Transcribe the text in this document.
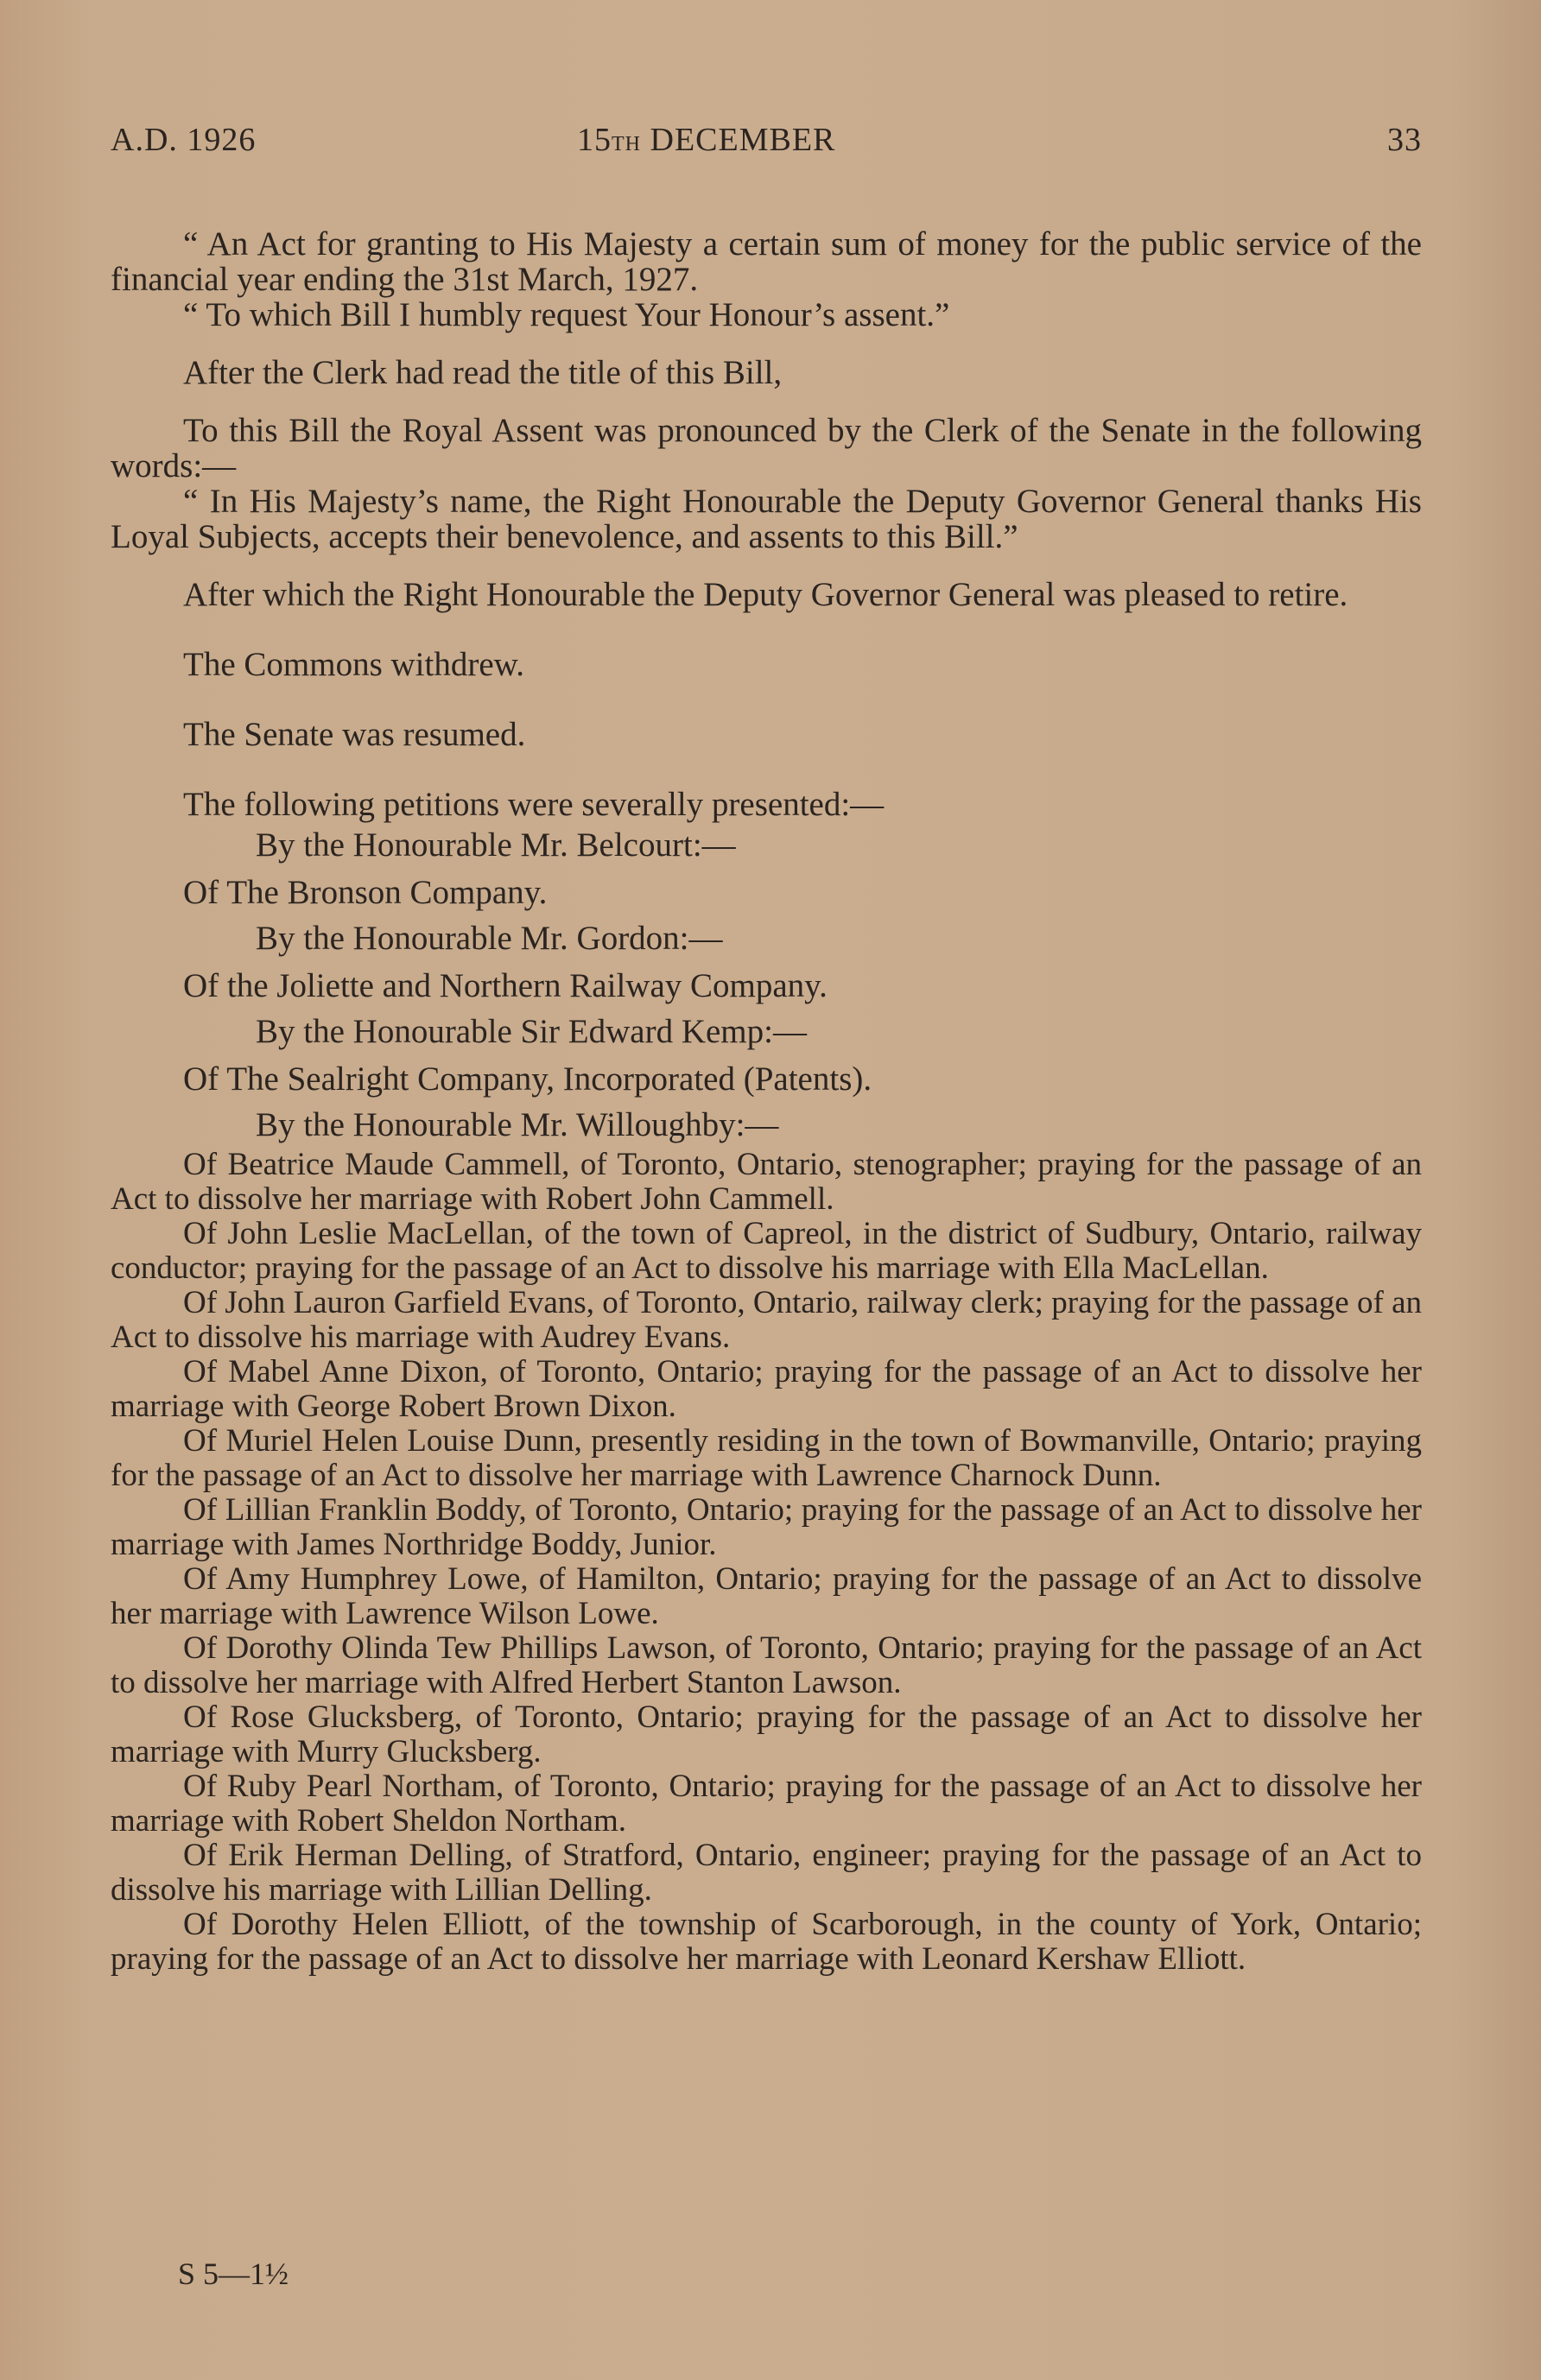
A.D. 1926	15th DECEMBER	33

“ An Act for granting to His Majesty a certain sum of money for the public service of the financial year ending the 31st March, 1927.

“ To which Bill I humbly request Your Honour’s assent.”

After the Clerk had read the title of this Bill,

To this Bill the Royal Assent was pronounced by the Clerk of the Senate in the following words:—

“ In His Majesty’s name, the Right Honourable the Deputy Governor General thanks His Loyal Subjects, accepts their benevolence, and assents to this Bill.”

After which the Right Honourable the Deputy Governor General was pleased to retire.

The Commons withdrew.

The Senate was resumed.

The following petitions were severally presented:—

By the Honourable Mr. Belcourt:—

Of The Bronson Company.

By the Honourable Mr. Gordon:—

Of the Joliette and Northern Railway Company.

By the Honourable Sir Edward Kemp:—

Of The Sealright Company, Incorporated (Patents).

By the Honourable Mr. Willoughby:—

Of Beatrice Maude Cammell, of Toronto, Ontario, stenographer; praying for the passage of an Act to dissolve her marriage with Robert John Cammell.

Of John Leslie MacLellan, of the town of Capreol, in the district of Sudbury, Ontario, railway conductor; praying for the passage of an Act to dissolve his marriage with Ella MacLellan.

Of John Lauron Garfield Evans, of Toronto, Ontario, railway clerk; praying for the passage of an Act to dissolve his marriage with Audrey Evans.

Of Mabel Anne Dixon, of Toronto, Ontario; praying for the passage of an Act to dissolve her marriage with George Robert Brown Dixon.

Of Muriel Helen Louise Dunn, presently residing in the town of Bowmanville, Ontario; praying for the passage of an Act to dissolve her marriage with Lawrence Charnock Dunn.

Of Lillian Franklin Boddy, of Toronto, Ontario; praying for the passage of an Act to dissolve her marriage with James Northridge Boddy, Junior.

Of Amy Humphrey Lowe, of Hamilton, Ontario; praying for the passage of an Act to dissolve her marriage with Lawrence Wilson Lowe.

Of Dorothy Olinda Tew Phillips Lawson, of Toronto, Ontario; praying for the passage of an Act to dissolve her marriage with Alfred Herbert Stanton Lawson.

Of Rose Glucksberg, of Toronto, Ontario; praying for the passage of an Act to dissolve her marriage with Murry Glucksberg.

Of Ruby Pearl Northam, of Toronto, Ontario; praying for the passage of an Act to dissolve her marriage with Robert Sheldon Northam.

Of Erik Herman Delling, of Stratford, Ontario, engineer; praying for the passage of an Act to dissolve his marriage with Lillian Delling.

Of Dorothy Helen Elliott, of the township of Scarborough, in the county of York, Ontario; praying for the passage of an Act to dissolve her marriage with Leonard Kershaw Elliott.

S 5—1½
